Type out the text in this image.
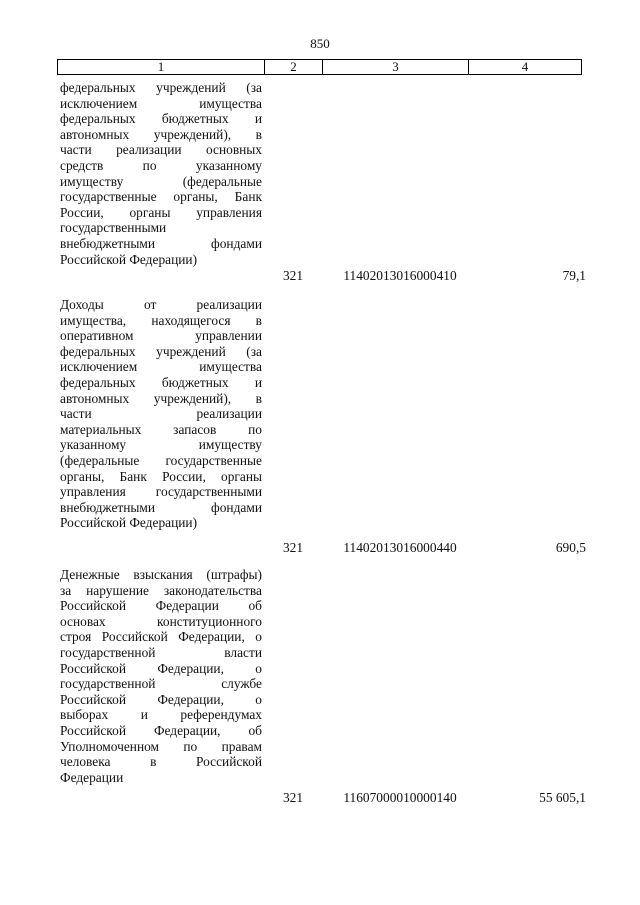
850
1	2	3	4
федеральных учреждений (за
исключением имущества
федеральных бюджетных и
автономных учреждений), в
части реализации основных
средств по указанному
имуществу (федеральные
государственные органы, Банк
России, органы управления
государственными
внебюджетными фондами
Российской Федерации)
321	11402013016000410	79,1
Доходы от реализации
имущества, находящегося в
оперативном управлении
федеральных учреждений (за
исключением имущества
федеральных бюджетных и
автономных учреждений), в
части реализации
материальных запасов по
указанному имуществу
(федеральные государственные
органы, Банк России, органы
управления государственными
внебюджетными фондами
Российской Федерации)
321	11402013016000440	690,5
Денежные взыскания (штрафы)
за нарушение законодательства
Российской Федерации об
основах конституционного
строя Российской Федерации, о
государственной власти
Российской Федерации, о
государственной службе
Российской Федерации, о
выборах и референдумах
Российской Федерации, об
Уполномоченном по правам
человека в Российской
Федерации
321	11607000010000140	55 605,1
